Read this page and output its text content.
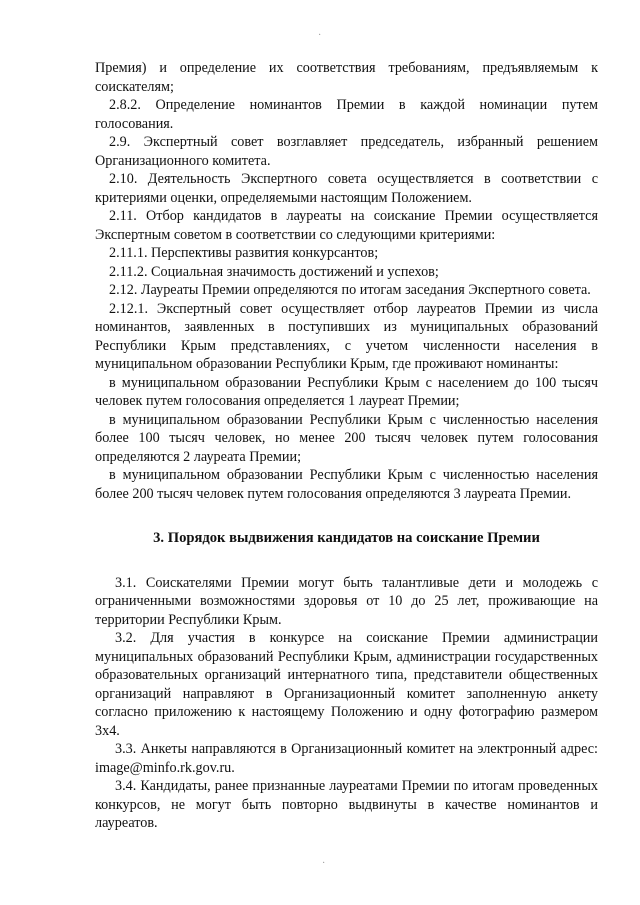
·

Премия) и определение их соответствия требованиям, предъявляемым к соискателям;

2.8.2. Определение номинантов Премии в каждой номинации путем голосования.

2.9. Экспертный совет возглавляет председатель, избранный решением Организационного комитета.

2.10. Деятельность Экспертного совета осуществляется в соответствии с критериями оценки, определяемыми настоящим Положением.

2.11. Отбор кандидатов в лауреаты на соискание Премии осуществляется Экспертным советом в соответствии со следующими критериями:

2.11.1. Перспективы развития конкурсантов;

2.11.2. Социальная значимость достижений и успехов;

2.12. Лауреаты Премии определяются по итогам заседания Экспертного совета.

2.12.1. Экспертный совет осуществляет отбор лауреатов Премии из числа номинантов, заявленных в поступивших из муниципальных образований Республики Крым представлениях, с учетом численности населения в муниципальном образовании Республики Крым, где проживают номинанты:

в муниципальном образовании Республики Крым с населением до 100 тысяч человек путем голосования определяется 1 лауреат Премии;

в муниципальном образовании Республики Крым с численностью населения более 100 тысяч человек, но менее 200 тысяч человек путем голосования определяются 2 лауреата Премии;

в муниципальном образовании Республики Крым с численностью населения более 200 тысяч человек путем голосования определяются 3 лауреата Премии.

3. Порядок выдвижения кандидатов на соискание Премии

3.1. Соискателями Премии могут быть талантливые дети и молодежь с ограниченными возможностями здоровья от 10 до 25 лет, проживающие на территории Республики Крым.

3.2. Для участия в конкурсе на соискание Премии администрации муниципальных образований Республики Крым, администрации государственных образовательных организаций интернатного типа, представители общественных организаций направляют в Организационный комитет заполненную анкету согласно приложению к настоящему Положению и одну фотографию размером 3х4.

3.3. Анкеты направляются в Организационный комитет на электронный адрес: image@minfo.rk.gov.ru.

3.4. Кандидаты, ранее признанные лауреатами Премии по итогам проведенных конкурсов, не могут быть повторно выдвинуты в качестве номинантов и лауреатов.

·
